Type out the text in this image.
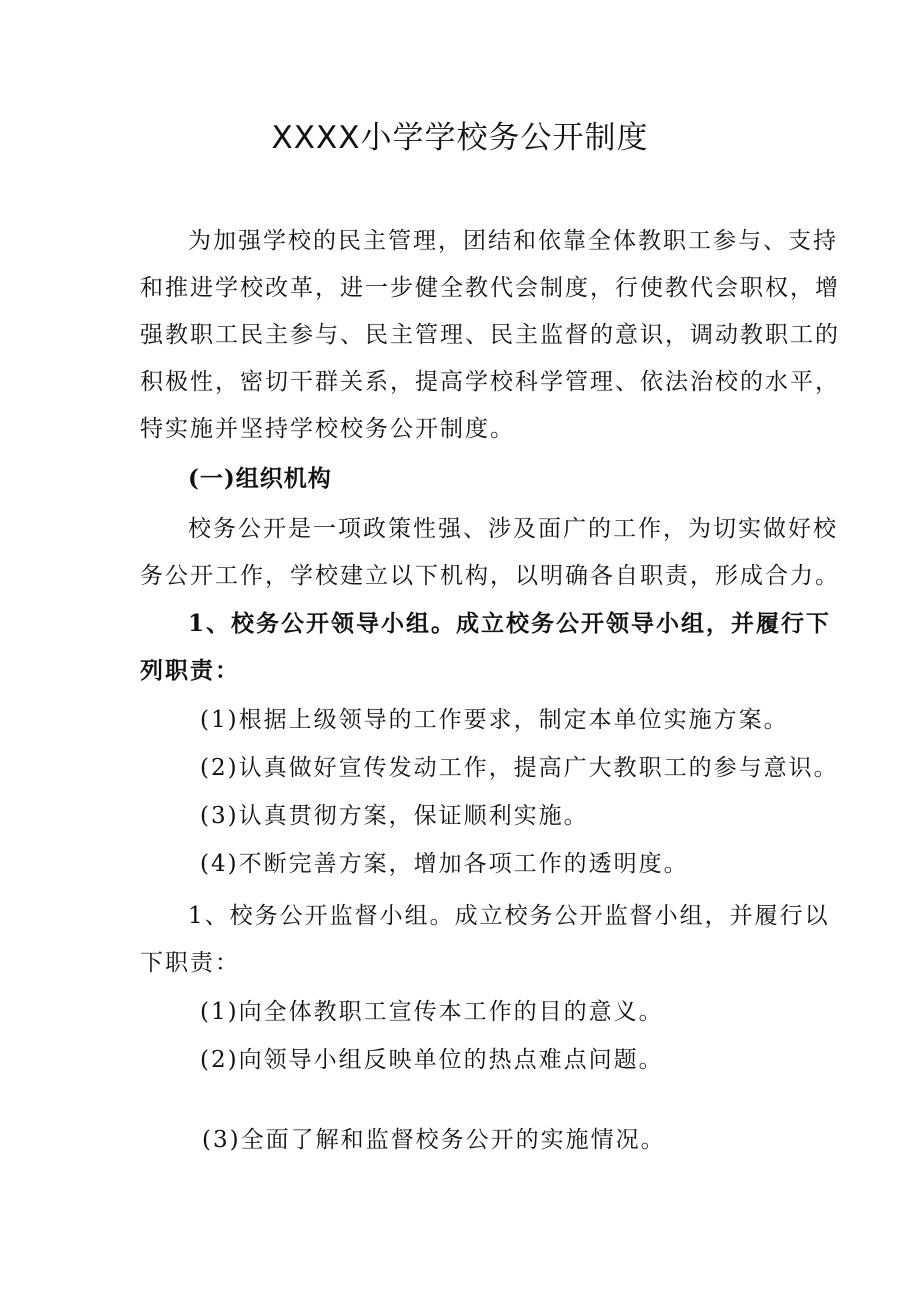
XXXX小学学校务公开制度
为加强学校的民主管理，团结和依靠全体教职工参与、支持
和推进学校改革，进一步健全教代会制度，行使教代会职权，增
强教职工民主参与、民主管理、民主监督的意识，调动教职工的
积极性，密切干群关系，提高学校科学管理、依法治校的水平，
特实施并坚持学校校务公开制度。
(一)组织机构
校务公开是一项政策性强、涉及面广的工作，为切实做好校
务公开工作，学校建立以下机构，以明确各自职责，形成合力。
1、校务公开领导小组。成立校务公开领导小组，并履行下
列职责：
(1)根据上级领导的工作要求，制定本单位实施方案。
(2)认真做好宣传发动工作，提高广大教职工的参与意识。
(3)认真贯彻方案，保证顺利实施。
(4)不断完善方案，增加各项工作的透明度。
1、校务公开监督小组。成立校务公开监督小组，并履行以
下职责：
(1)向全体教职工宣传本工作的目的意义。
(2)向领导小组反映单位的热点难点问题。
(3)全面了解和监督校务公开的实施情况。
